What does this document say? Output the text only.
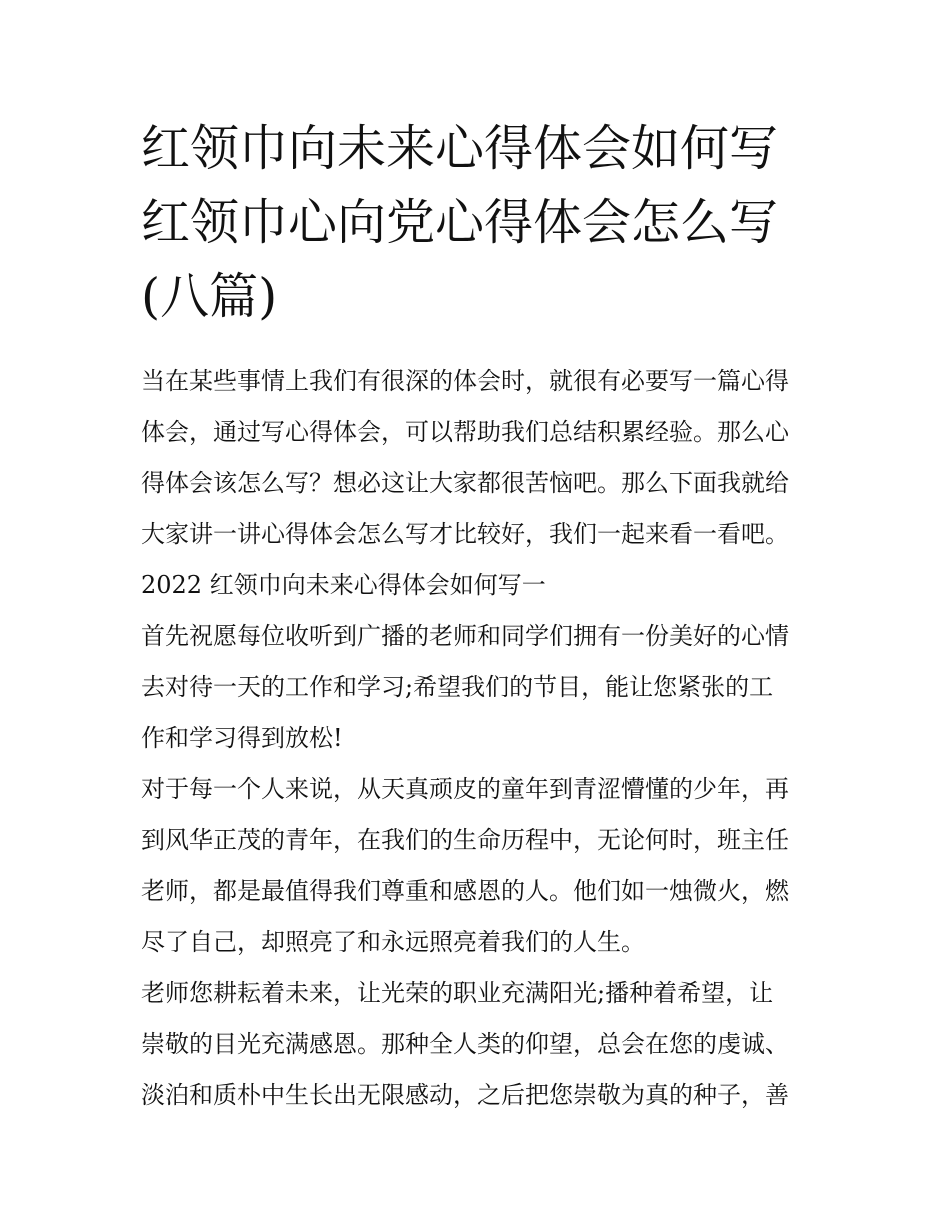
红领巾向未来心得体会如何写
红领巾心向党心得体会怎么写
(八篇)
当在某些事情上我们有很深的体会时，就很有必要写一篇心得
体会，通过写心得体会，可以帮助我们总结积累经验。那么心
得体会该怎么写？想必这让大家都很苦恼吧。那么下面我就给
大家讲一讲心得体会怎么写才比较好，我们一起来看一看吧。
2022 红领巾向未来心得体会如何写一
首先祝愿每位收听到广播的老师和同学们拥有一份美好的心情
去对待一天的工作和学习;希望我们的节目，能让您紧张的工
作和学习得到放松!
对于每一个人来说，从天真顽皮的童年到青涩懵懂的少年，再
到风华正茂的青年，在我们的生命历程中，无论何时，班主任
老师，都是最值得我们尊重和感恩的人。他们如一烛微火，燃
尽了自己，却照亮了和永远照亮着我们的人生。
老师您耕耘着未来，让光荣的职业充满阳光;播种着希望，让
崇敬的目光充满感恩。那种全人类的仰望，总会在您的虔诚、
淡泊和质朴中生长出无限感动，之后把您崇敬为真的种子，善
